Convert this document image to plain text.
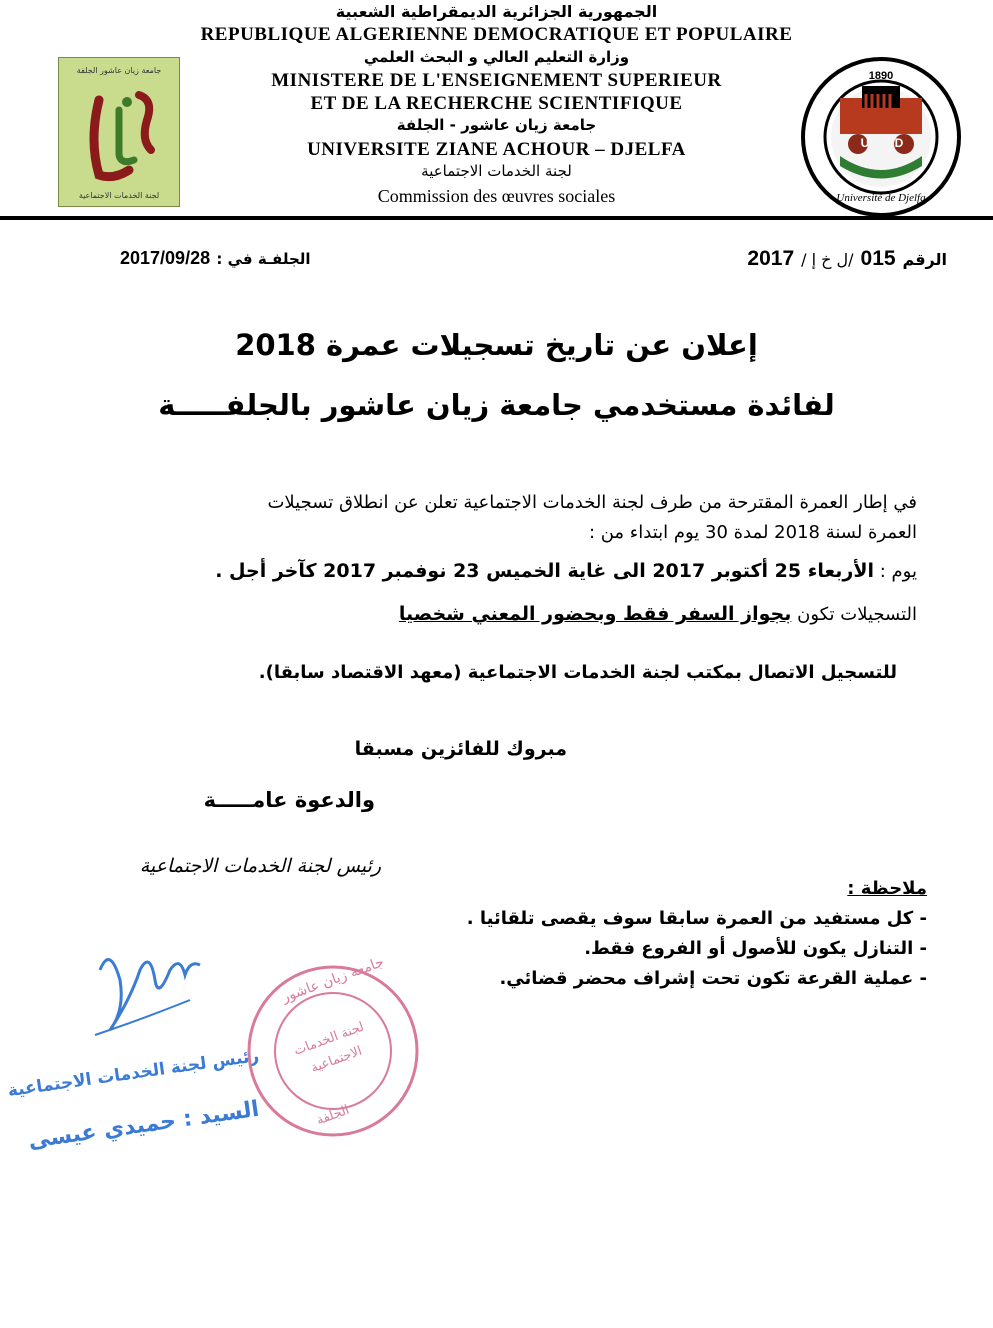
الجمهورية الجزائرية الديمقراطية الشعبية
REPUBLIQUE ALGERIENNE DEMOCRATIQUE ET POPULAIRE
وزارة التعليم العالي و البحث العلمي
MINISTERE DE L'ENSEIGNEMENT SUPERIEUR
ET DE LA RECHERCHE SCIENTIFIQUE
جامعة زيان عاشور - الجلفة
UNIVERSITE ZIANE ACHOUR – DJELFA
لجنة الخدمات الاجتماعية
Commission des œuvres sociales
جامعة زيان عاشور الجلفة
لجنة الخدمات الاجتماعية
1890
U D
Université de Djelfa
الرقم 015 /ل خ إ / 2017
الجلفـة في : 2017/09/28
إعلان عن تاريخ تسجيلات عمرة 2018
لفائدة مستخدمي جامعة زيان عاشور بالجلفـــــة
في إطار العمرة المقترحة من طرف لجنة الخدمات الاجتماعية تعلن عن انطلاق تسجيلات
العمرة لسنة 2018 لمدة 30 يوم ابتداء من :
يوم : الأربعاء 25 أكتوبر 2017 الى غاية الخميس 23 نوفمبر 2017 كآخر أجل .
التسجيلات تكون بجواز السفر فقط وبحضور المعني شخصيا
للتسجيل الاتصال بمكتب لجنة الخدمات الاجتماعية (معهد الاقتصاد سابقا).
مبروك للفائزين مسبقا
والدعوة عامـــــة
رئيس لجنة الخدمات الاجتماعية
ملاحظة :
- كل مستفيد من العمرة سابقا سوف يقصى تلقائيا .
- التنازل يكون للأصول أو الفروع فقط.
- عملية القرعة تكون تحت إشراف محضر قضائي.
رئيس لجنة الخدمات الاجتماعية
السيد : حميدي عيسى
جامعة زيان عاشور
لجنة الخدمات الاجتماعية
الجلفة
